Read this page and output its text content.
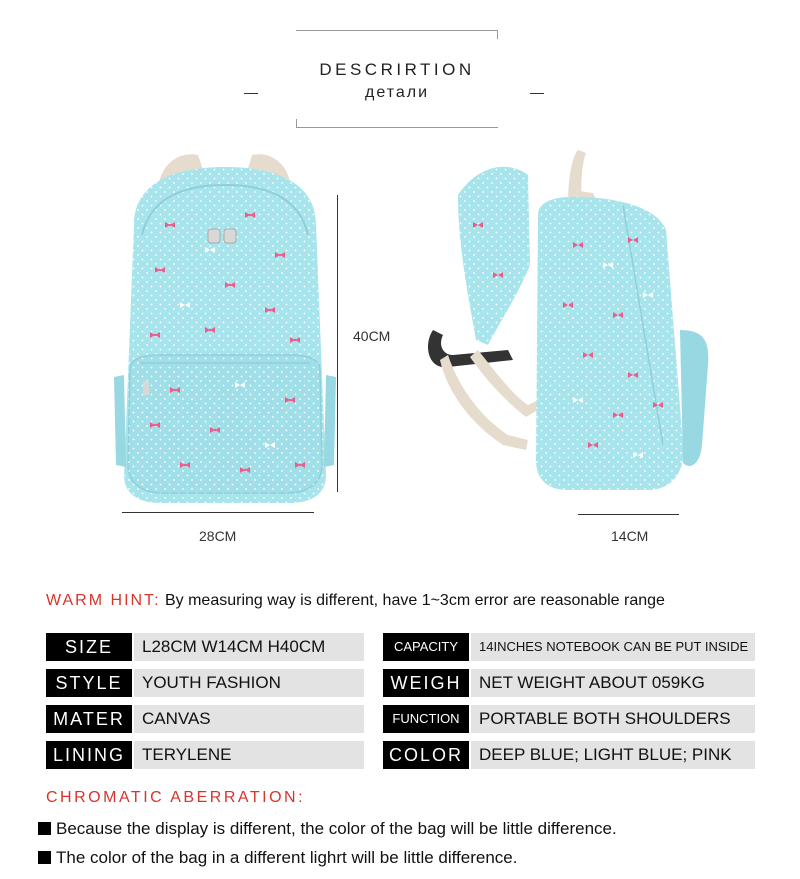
DESCRIRTION
детали
40CM
28CM	14CM
WARM HINT: By measuring way is different, have 1~3cm error are reasonable range
SIZE	L28CM W14CM H40CM
STYLE	YOUTH FASHION
MATER	CANVAS
LINING	TERYLENE
CAPACITY	14INCHES NOTEBOOK CAN BE PUT INSIDE
WEIGH	NET WEIGHT ABOUT 059KG
FUNCTION	PORTABLE BOTH SHOULDERS
COLOR DEEP BLUE; LIGHT BLUE; PINK
CHROMATIC ABERRATION:
Because the display is different, the color of the bag will be little difference.
The color of the bag in a different lighrt will be little difference.
